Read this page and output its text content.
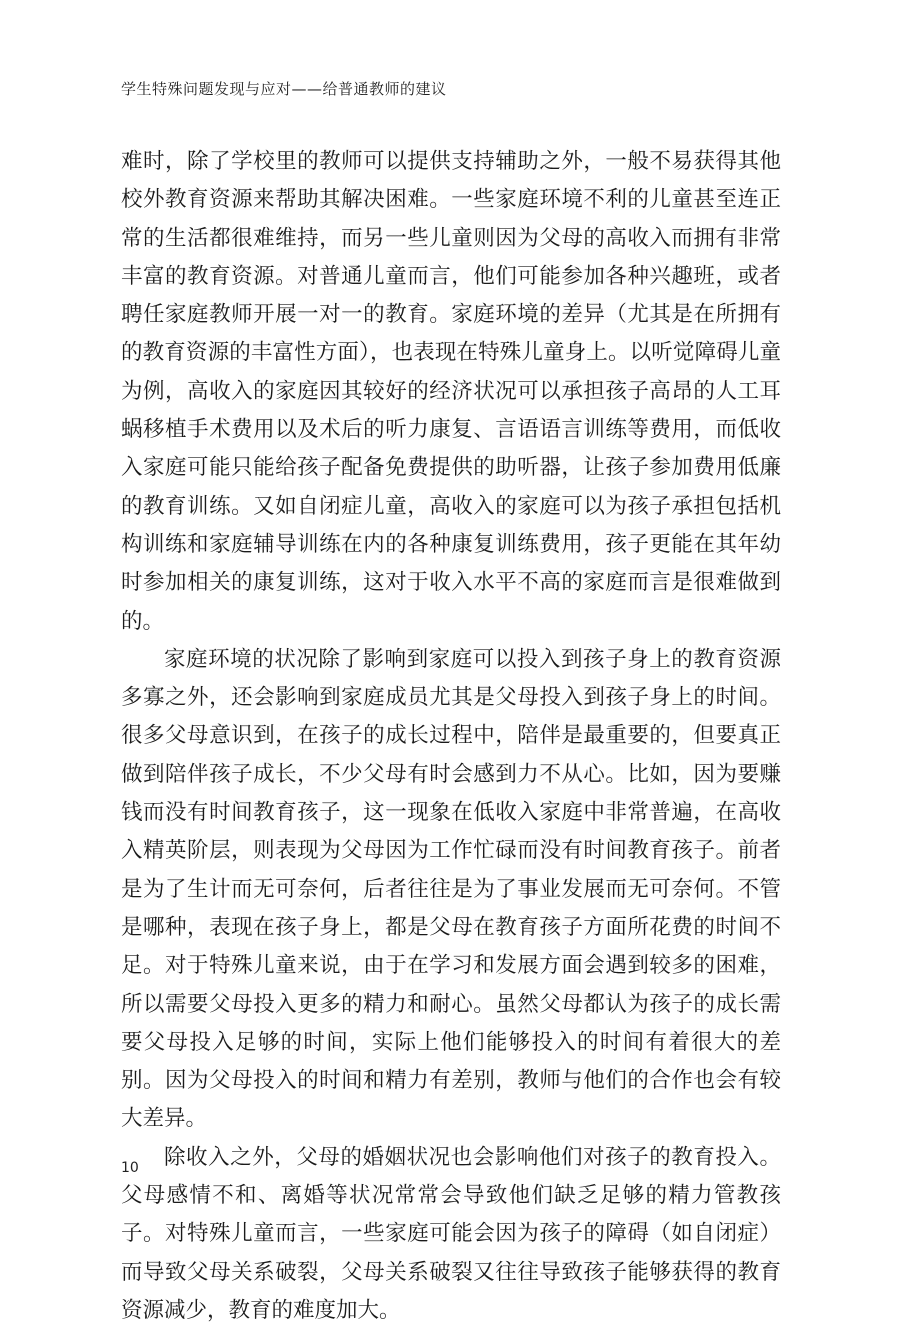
学生特殊问题发现与应对——给普通教师的建议

难时，除了学校里的教师可以提供支持辅助之外，一般不易获得其他校外教育资源来帮助其解决困难。一些家庭环境不利的儿童甚至连正常的生活都很难维持，而另一些儿童则因为父母的高收入而拥有非常丰富的教育资源。对普通儿童而言，他们可能参加各种兴趣班，或者聘任家庭教师开展一对一的教育。家庭环境的差异（尤其是在所拥有的教育资源的丰富性方面），也表现在特殊儿童身上。以听觉障碍儿童为例，高收入的家庭因其较好的经济状况可以承担孩子高昂的人工耳蜗移植手术费用以及术后的听力康复、言语语言训练等费用，而低收入家庭可能只能给孩子配备免费提供的助听器，让孩子参加费用低廉的教育训练。又如自闭症儿童，高收入的家庭可以为孩子承担包括机构训练和家庭辅导训练在内的各种康复训练费用，孩子更能在其年幼时参加相关的康复训练，这对于收入水平不高的家庭而言是很难做到的。

家庭环境的状况除了影响到家庭可以投入到孩子身上的教育资源多寡之外，还会影响到家庭成员尤其是父母投入到孩子身上的时间。很多父母意识到，在孩子的成长过程中，陪伴是最重要的，但要真正做到陪伴孩子成长，不少父母有时会感到力不从心。比如，因为要赚钱而没有时间教育孩子，这一现象在低收入家庭中非常普遍，在高收入精英阶层，则表现为父母因为工作忙碌而没有时间教育孩子。前者是为了生计而无可奈何，后者往往是为了事业发展而无可奈何。不管是哪种，表现在孩子身上，都是父母在教育孩子方面所花费的时间不足。对于特殊儿童来说，由于在学习和发展方面会遇到较多的困难，所以需要父母投入更多的精力和耐心。虽然父母都认为孩子的成长需要父母投入足够的时间，实际上他们能够投入的时间有着很大的差别。因为父母投入的时间和精力有差别，教师与他们的合作也会有较大差异。

除收入之外，父母的婚姻状况也会影响他们对孩子的教育投入。父母感情不和、离婚等状况常常会导致他们缺乏足够的精力管教孩子。对特殊儿童而言，一些家庭可能会因为孩子的障碍（如自闭症）而导致父母关系破裂，父母关系破裂又往往导致孩子能够获得的教育资源减少，教育的难度加大。

10
